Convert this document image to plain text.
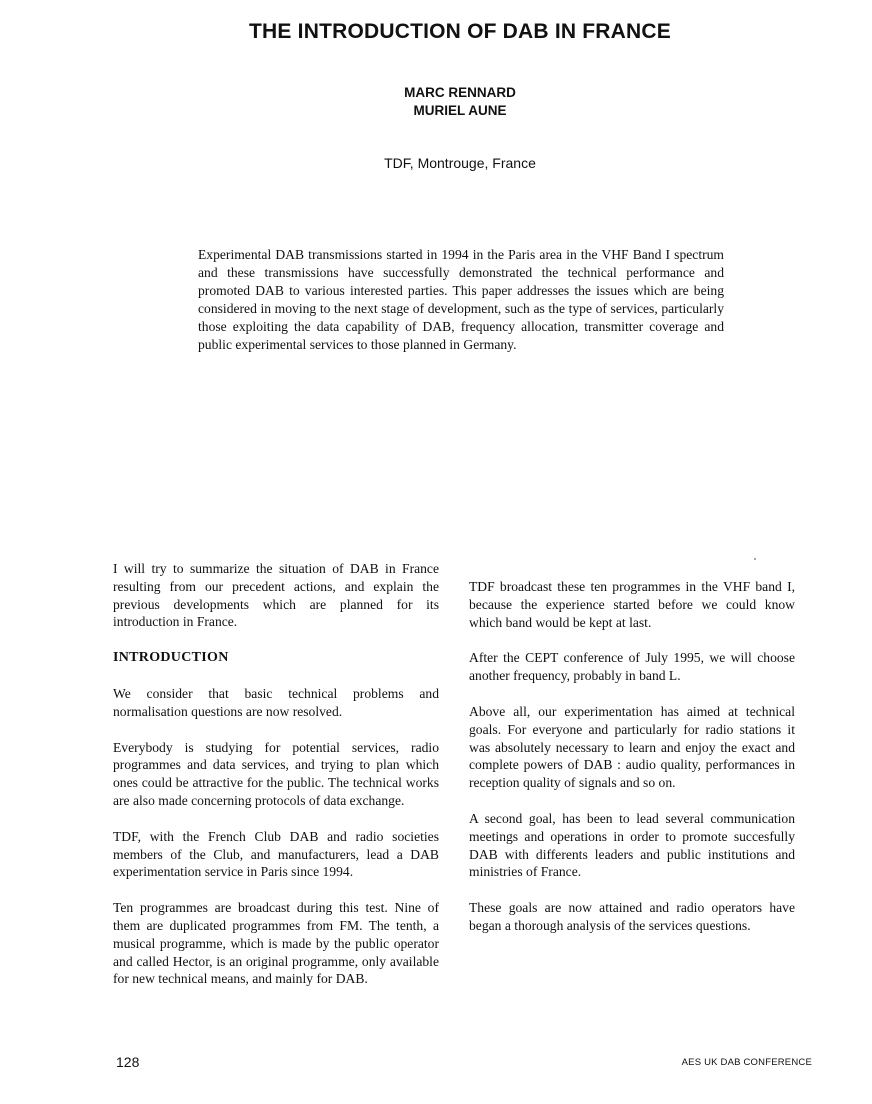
THE INTRODUCTION OF DAB IN FRANCE
MARC RENNARD
MURIEL AUNE
TDF, Montrouge, France

Experimental DAB transmissions started in 1994 in the Paris area in the VHF Band I spectrum and these transmissions have successfully demonstrated the technical performance and promoted DAB to various interested parties. This paper addresses the issues which are being considered in moving to the next stage of development, such as the type of services, particularly those exploiting the data capability of DAB, frequency allocation, transmitter coverage and public experimental services to those planned in Germany.

I will try to summarize the situation of DAB in France resulting from our precedent actions, and explain the previous developments which are planned for its introduction in France.

INTRODUCTION

We consider that basic technical problems and normalisation questions are now resolved.

Everybody is studying for potential services, radio programmes and data services, and trying to plan which ones could be attractive for the public. The technical works are also made concerning protocols of data exchange.

TDF, with the French Club DAB and radio societies members of the Club, and manufacturers, lead a DAB experimentation service in Paris since 1994.

Ten programmes are broadcast during this test. Nine of them are duplicated programmes from FM. The tenth, a musical programme, which is made by the public operator and called Hector, is an original programme, only available for new technical means, and mainly for DAB.

TDF broadcast these ten programmes in the VHF band I, because the experience started before we could know which band would be kept at last.

After the CEPT conference of July 1995, we will choose another frequency, probably in band L.

Above all, our experimentation has aimed at technical goals. For everyone and particularly for radio stations it was absolutely necessary to learn and enjoy the exact and complete powers of DAB : audio quality, performances in reception quality of signals and so on.

A second goal, has been to lead several communication meetings and operations in order to promote succesfully DAB with differents leaders and public institutions and ministries of France.

These goals are now attained and radio operators have began a thorough analysis of the services questions.

128	AES UK DAB CONFERENCE
